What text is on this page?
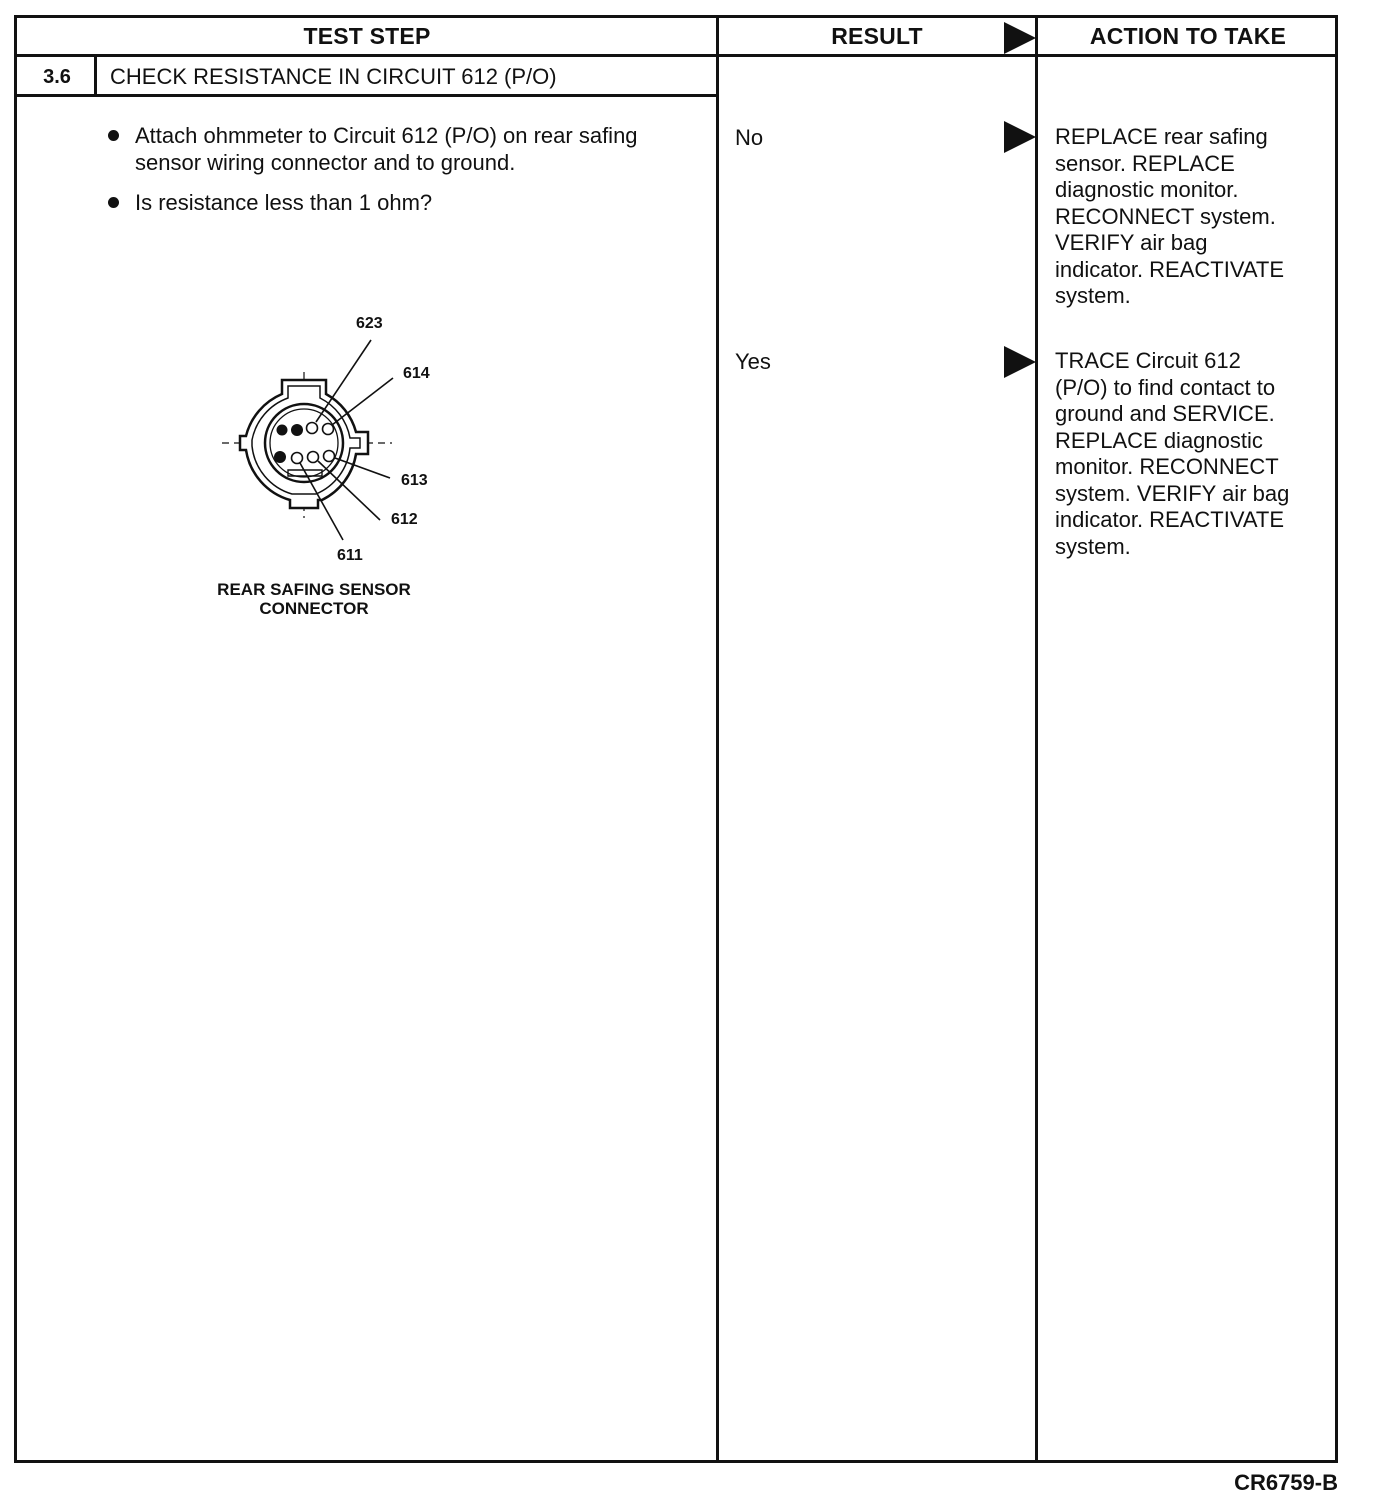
TEST STEP	RESULT	ACTION TO TAKE
3.6	CHECK RESISTANCE IN CIRCUIT 612 (P/O)
Attach ohmmeter to Circuit 612 (P/O) on rear safing sensor wiring connector and to ground.
Is resistance less than 1 ohm?
623
614
613
612
611
REAR SAFING SENSOR
CONNECTOR
No	REPLACE rear safing
sensor. REPLACE
diagnostic monitor.
RECONNECT system.
VERIFY air bag
indicator. REACTIVATE
system.
Yes	TRACE Circuit 612
(P/O) to find contact to
ground and SERVICE.
REPLACE diagnostic
monitor. RECONNECT
system. VERIFY air bag
indicator. REACTIVATE
system.
CR6759-B
